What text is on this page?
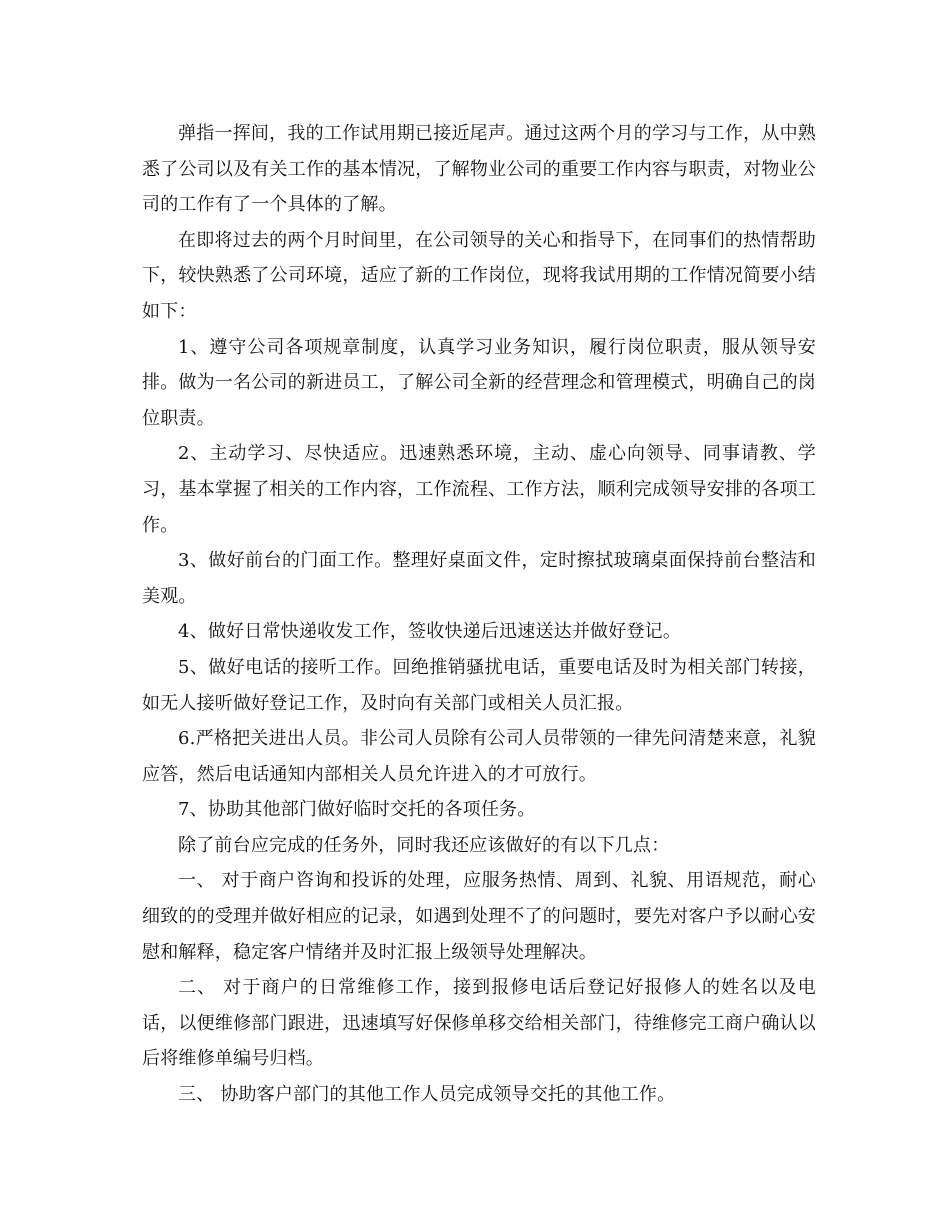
弹指一挥间，我的工作试用期已接近尾声。通过这两个月的学习与工作，从中熟悉了公司以及有关工作的基本情况，了解物业公司的重要工作内容与职责，对物业公司的工作有了一个具体的了解。

在即将过去的两个月时间里，在公司领导的关心和指导下，在同事们的热情帮助下，较快熟悉了公司环境，适应了新的工作岗位，现将我试用期的工作情况简要小结如下：

1、遵守公司各项规章制度，认真学习业务知识，履行岗位职责，服从领导安排。做为一名公司的新进员工，了解公司全新的经营理念和管理模式，明确自己的岗位职责。

2、主动学习、尽快适应。迅速熟悉环境，主动、虚心向领导、同事请教、学习，基本掌握了相关的工作内容，工作流程、工作方法，顺利完成领导安排的各项工作。

3、做好前台的门面工作。整理好桌面文件，定时擦拭玻璃桌面保持前台整洁和美观。

4、做好日常快递收发工作，签收快递后迅速送达并做好登记。

5、做好电话的接听工作。回绝推销骚扰电话，重要电话及时为相关部门转接，如无人接听做好登记工作，及时向有关部门或相关人员汇报。

6.严格把关进出人员。非公司人员除有公司人员带领的一律先问清楚来意，礼貌应答，然后电话通知内部相关人员允许进入的才可放行。

7、协助其他部门做好临时交托的各项任务。

除了前台应完成的任务外，同时我还应该做好的有以下几点：

一、 对于商户咨询和投诉的处理，应服务热情、周到、礼貌、用语规范，耐心细致的的受理并做好相应的记录，如遇到处理不了的问题时，要先对客户予以耐心安慰和解释，稳定客户情绪并及时汇报上级领导处理解决。

二、 对于商户的日常维修工作，接到报修电话后登记好报修人的姓名以及电话，以便维修部门跟进，迅速填写好保修单移交给相关部门，待维修完工商户确认以后将维修单编号归档。

三、 协助客户部门的其他工作人员完成领导交托的其他工作。
